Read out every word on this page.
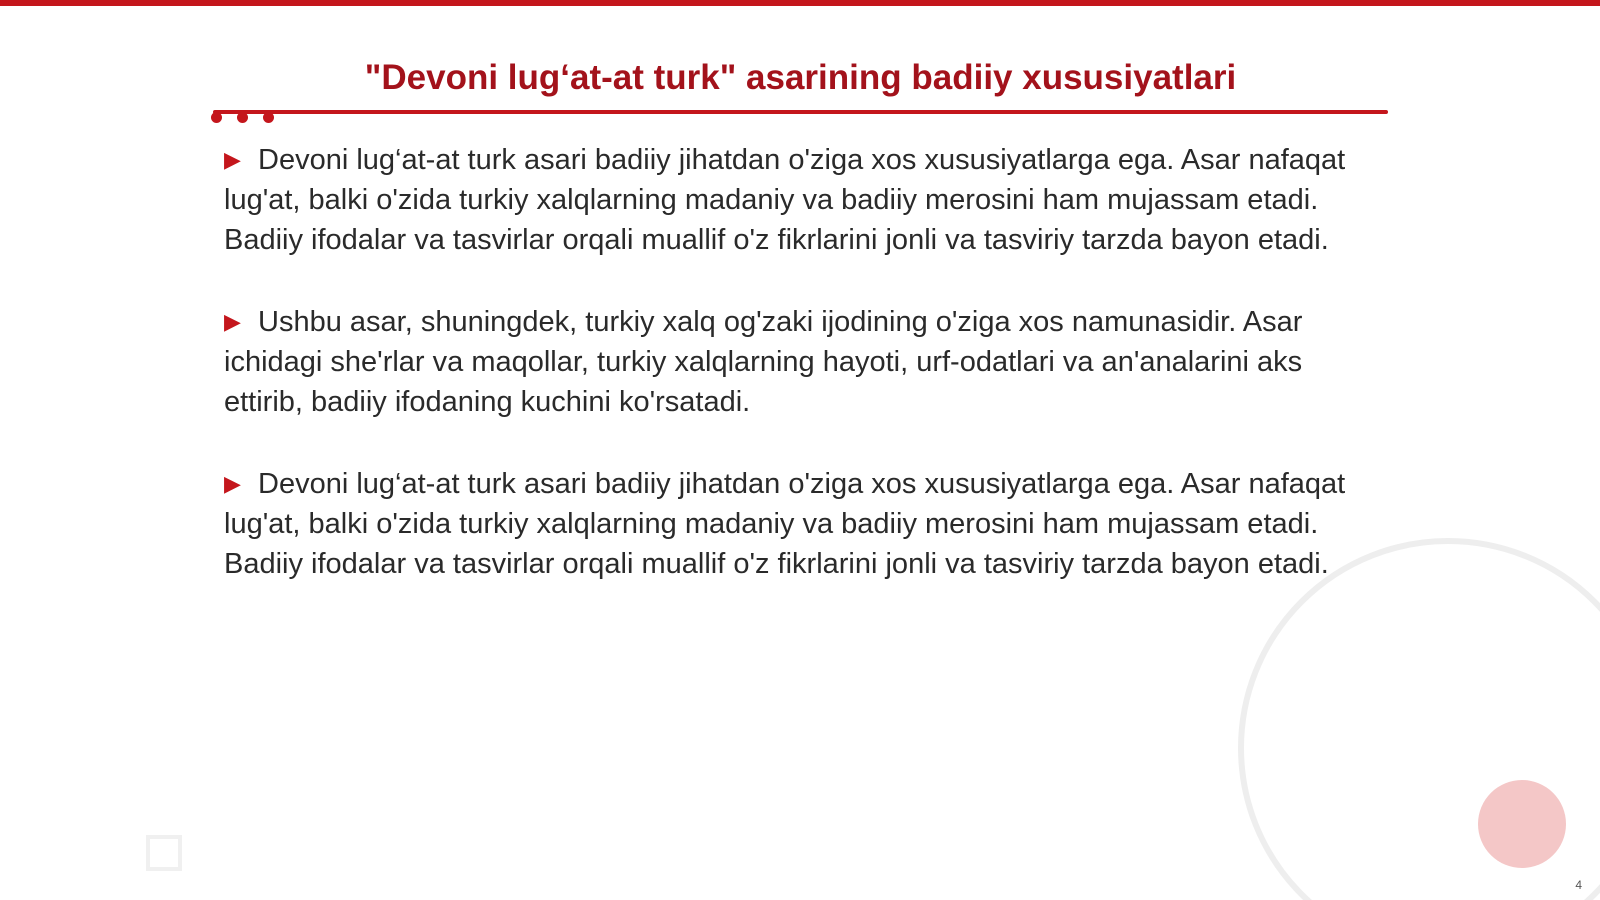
"Devoni lug‘at-at turk" asarining badiiy xususiyatlari

▶ Devoni lug‘at-at turk asari badiiy jihatdan o'ziga xos xususiyatlarga ega. Asar nafaqat lug'at, balki o'zida turkiy xalqlarning madaniy va badiiy merosini ham mujassam etadi. Badiiy ifodalar va tasvirlar orqali muallif o'z fikrlarini jonli va tasviriy tarzda bayon etadi.

▶ Ushbu asar, shuningdek, turkiy xalq og'zaki ijodining o'ziga xos namunasidir. Asar ichidagi she'rlar va maqollar, turkiy xalqlarning hayoti, urf-odatlari va an'analarini aks ettirib, badiiy ifodaning kuchini ko'rsatadi.

▶ Devoni lug‘at-at turk asari badiiy jihatdan o'ziga xos xususiyatlarga ega. Asar nafaqat lug'at, balki o'zida turkiy xalqlarning madaniy va badiiy merosini ham mujassam etadi. Badiiy ifodalar va tasvirlar orqali muallif o'z fikrlarini jonli va tasviriy tarzda bayon etadi.

4
